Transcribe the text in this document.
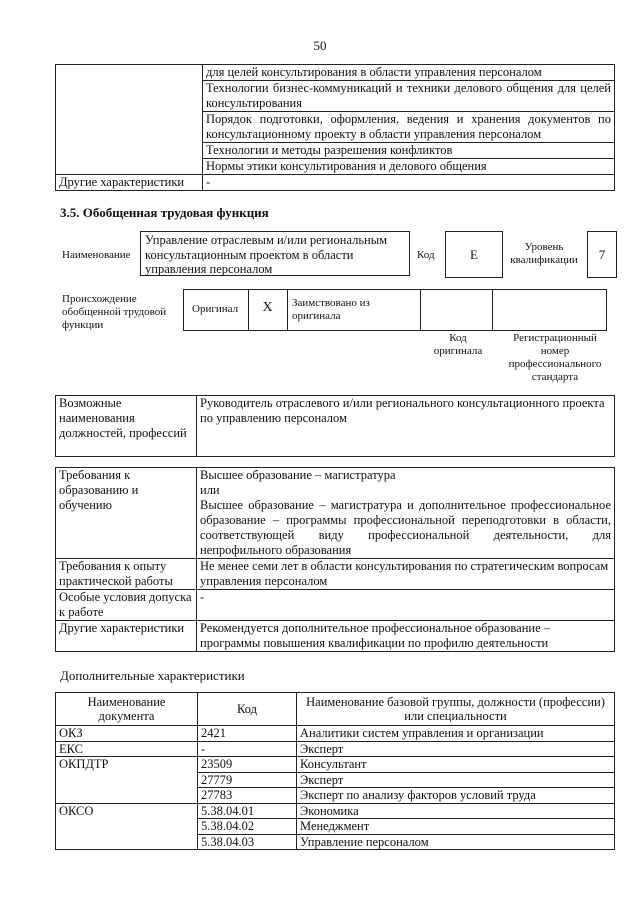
50
	для целей консультирования в области управления персоналом
	Технологии бизнес-коммуникаций и техники делового общения для целей консультирования
	Порядок подготовки, оформления, ведения и хранения документов по консультационному проекту в области управления персоналом
	Технологии и методы разрешения конфликтов
	Нормы этики консультирования и делового общения
Другие характеристики	-
3.5. Обобщенная трудовая функция
Наименование
Управление отраслевым и/или региональным консультационным проектом в области управления персоналом
Код	E	Уровень квалификации	7
Происхождение обобщенной трудовой функции
Оригинал	X	Заимствовано из оригинала
Код оригинала
Регистрационный номер профессионального стандарта
Возможные наименования должностей, профессий	Руководитель отраслевого и/или регионального консультационного проекта по управлению персоналом
Требования к образованию и обучению	Высшее образование – магистратура
или
Высшее образование – магистратура и дополнительное профессиональное образование – программы профессиональной переподготовки в области, соответствующей виду профессиональной деятельности, для непрофильного образования

Требования к опыту практической работы	Не менее семи лет в области консультирования по стратегическим вопросам управления персоналом
Особые условия допуска к работе	-
Другие характеристики	Рекомендуется дополнительное профессиональное образование – программы повышения квалификации по профилю деятельности
Дополнительные характеристики
Наименование документа	Код	Наименование базовой группы, должности (профессии) или специальности
ОКЗ	2421	Аналитики систем управления и организации
ЕКС	-	Эксперт
ОКПДТР	23509	Консультант
	27779	Эксперт
	27783	Эксперт по анализу факторов условий труда
ОКСО	5.38.04.01	Экономика
	5.38.04.02	Менеджмент
	5.38.04.03	Управление персоналом
